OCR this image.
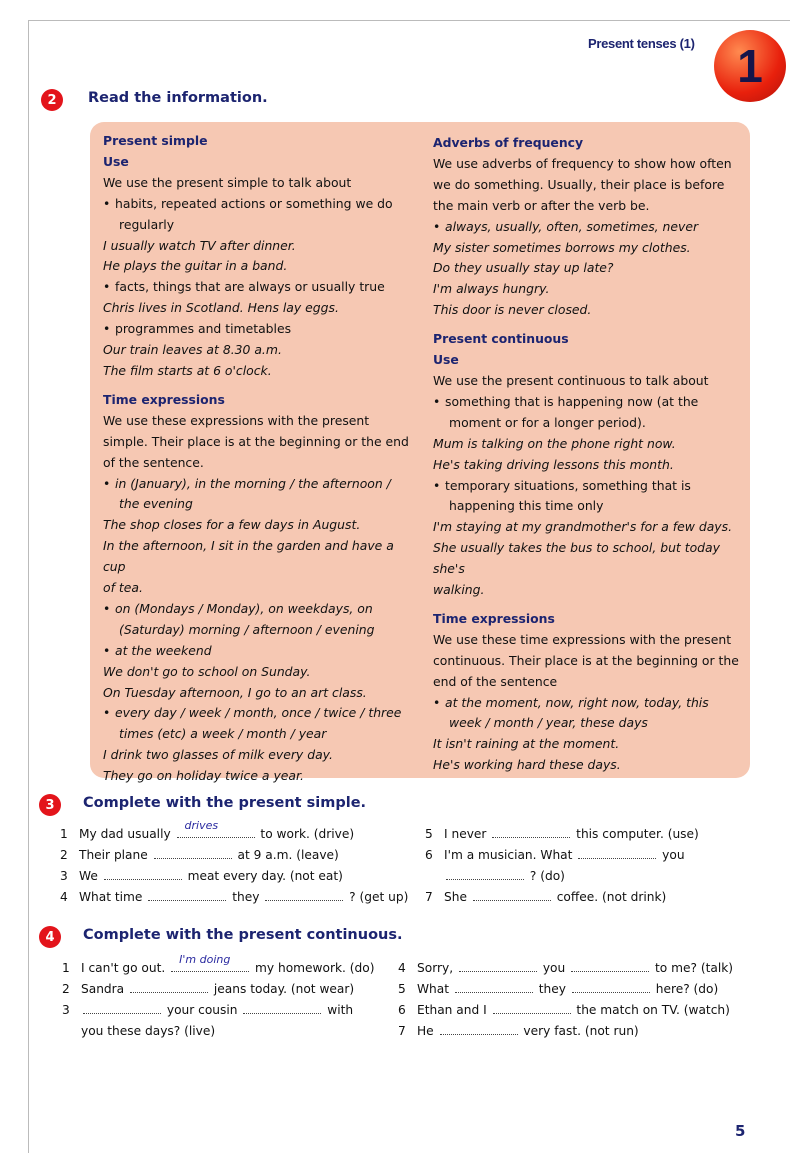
Present tenses (1) 1
2	Read the information.
Present simple
Use
We use the present simple to talk about
• habits, repeated actions or something we do
regularly
I usually watch TV after dinner.
He plays the guitar in a band.
• facts, things that are always or usually true
Chris lives in Scotland. Hens lay eggs.
• programmes and timetables
Our train leaves at 8.30 a.m.
The film starts at 6 o'clock.
Time expressions
We use these expressions with the present
simple. Their place is at the beginning or the end
of the sentence.
• in (January), in the morning / the afternoon /
the evening
The shop closes for a few days in August.
In the afternoon, I sit in the garden and have a cup
of tea.
• on (Mondays / Monday), on weekdays, on
(Saturday) morning / afternoon / evening
• at the weekend
We don't go to school on Sunday.
On Tuesday afternoon, I go to an art class.
• every day / week / month, once / twice / three
times (etc) a week / month / year
I drink two glasses of milk every day.
They go on holiday twice a year.
Adverbs of frequency
We use adverbs of frequency to show how often
we do something. Usually, their place is before
the main verb or after the verb be.
• always, usually, often, sometimes, never
My sister sometimes borrows my clothes.
Do they usually stay up late?
I'm always hungry.
This door is never closed.
Present continuous
Use
We use the present continuous to talk about
• something that is happening now (at the
moment or for a longer period).
Mum is talking on the phone right now.
He's taking driving lessons this month.
• temporary situations, something that is
happening this time only
I'm staying at my grandmother's for a few days.
She usually takes the bus to school, but today she's
walking.
Time expressions
We use these time expressions with the present
continuous. Their place is at the beginning or the
end of the sentence
• at the moment, now, right now, today, this
week / month / year, these days
It isn't raining at the moment.
He's working hard these days.
3	Complete with the present simple.
1 My dad usually
drives
to work. (drive)
2 Their plane	at 9 a.m. (leave)
3 We	meat every day. (not eat)
4 What time	they	? (get up)
5 I never	this computer. (use)
6 I'm a musician. What	you
? (do)
7 She	coffee. (not drink)
4	Complete with the present continuous.
1 I can't go out.
I'm doing
my homework. (do)
2 Sandra	jeans today. (not wear)
3	your cousin	with
you these days? (live)
4 Sorry,	you	to me? (talk)
5 What	they	here? (do)
6 Ethan and I	the match on TV. (watch)
7 He	very fast. (not run)
5
